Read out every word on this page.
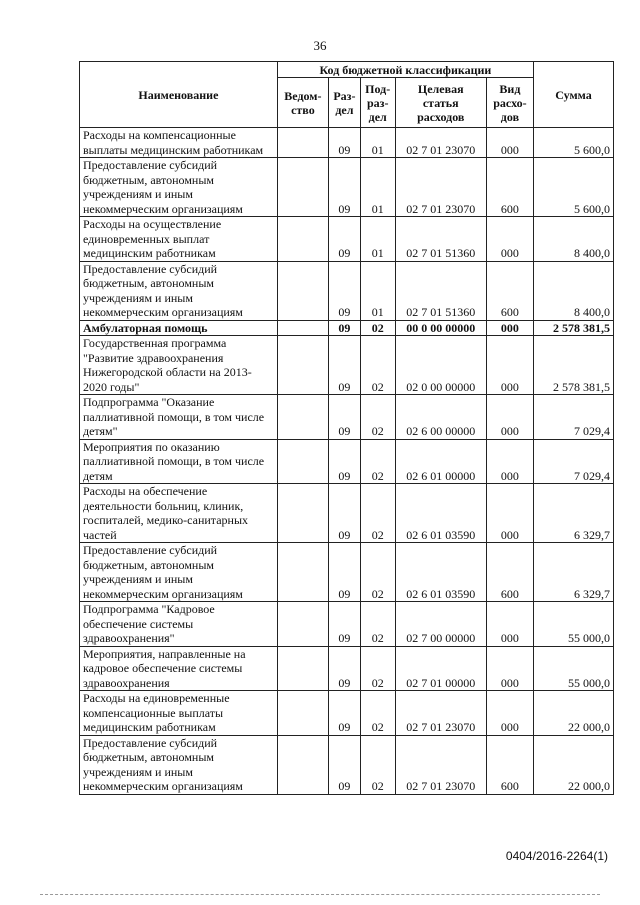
36
Наименование	Код бюджетной классификации					Сумма
	Ведом-ство	Раз-дел	Под-раз-дел	Целевая статья расходов	Вид расхо-дов	
Расходы на компенсационные выплаты медицинским работникам		09	01	02 7 01 23070	000	5 600,0
Предоставление субсидий бюджетным, автономным учреждениям и иным некоммерческим организациям		09	01	02 7 01 23070	600	5 600,0
Расходы на осуществление единовременных выплат медицинским работникам		09	01	02 7 01 51360	000	8 400,0
Предоставление субсидий бюджетным, автономным учреждениям и иным некоммерческим организациям		09	01	02 7 01 51360	600	8 400,0
Амбулаторная помощь		09	02	00 0 00 00000	000	2 578 381,5
Государственная программа "Развитие здравоохранения Нижегородской области на 2013-2020 годы"		09	02	02 0 00 00000	000	2 578 381,5
Подпрограмма "Оказание паллиативной помощи, в том числе детям"		09	02	02 6 00 00000	000	7 029,4
Мероприятия по оказанию паллиативной помощи, в том числе детям		09	02	02 6 01 00000	000	7 029,4
Расходы на обеспечение деятельности больниц, клиник, госпиталей, медико-санитарных частей		09	02	02 6 01 03590	000	6 329,7
Предоставление субсидий бюджетным, автономным учреждениям и иным некоммерческим организациям		09	02	02 6 01 03590	600	6 329,7
Подпрограмма "Кадровое обеспечение системы здравоохранения"		09	02	02 7 00 00000	000	55 000,0
Мероприятия, направленные на кадровое обеспечение системы здравоохранения		09	02	02 7 01 00000	000	55 000,0
Расходы на единовременные компенсационные выплаты медицинским работникам		09	02	02 7 01 23070	000	22 000,0
Предоставление субсидий бюджетным, автономным учреждениям и иным некоммерческим организациям		09	02	02 7 01 23070	600	22 000,0
0404/2016-2264(1)
